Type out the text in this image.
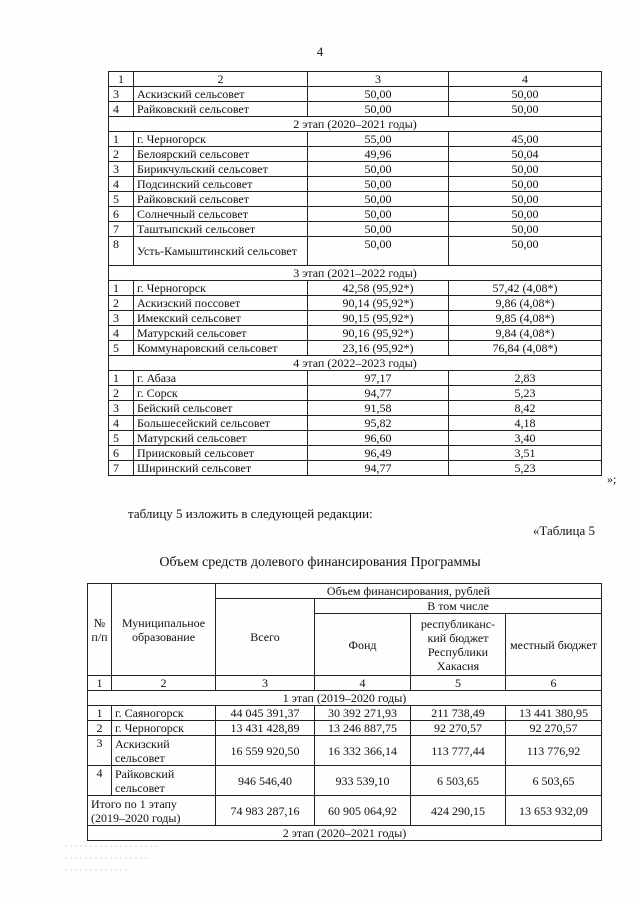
4
1	2	3	4
3	Аскизский сельсовет	50,00	50,00
4	Райковский сельсовет	50,00	50,00
2 этап (2020–2021 годы)			
1	г. Черногорск	55,00	45,00
2	Белоярский сельсовет	49,96	50,04
3	Бирикчульский сельсовет	50,00	50,00
4	Подсинский сельсовет	50,00	50,00
5	Райковский сельсовет	50,00	50,00
6	Солнечный сельсовет	50,00	50,00
7	Таштыпский сельсовет	50,00	50,00
8	Усть-Камыштинский сельсовет	50,00	50,00
3 этап (2021–2022 годы)			
1	г. Черногорск	42,58 (95,92*)	57,42 (4,08*)
2	Аскизский поссовет	90,14 (95,92*)	9,86 (4,08*)
3	Имекский сельсовет	90,15 (95,92*)	9,85 (4,08*)
4	Матурский сельсовет	90,16 (95,92*)	9,84 (4,08*)
5	Коммунаровский сельсовет	23,16 (95,92*)	76,84 (4,08*)
4 этап (2022–2023 годы)			
1	г. Абаза	97,17	2,83
2	г. Сорск	94,77	5,23
3	Бейский сельсовет	91,58	8,42
4	Большесейский сельсовет	95,82	4,18
5	Матурский сельсовет	96,60	3,40
6	Приисковый сельсовет	96,49	3,51
7	Ширинский сельсовет	94,77	5,23
»;
таблицу 5 изложить в следующей редакции:
«Таблица 5
Объем средств долевого финансирования Программы
№ п/п	Муниципальное образование	Объем финансирования, рублей			
		Всего	В том числе		
			Фонд	республиканс-кий бюджет Республики Хакасия	местный бюджет
1	2	3	4	5	6
1 этап (2019–2020 годы)					
1	г. Саяногорск	44 045 391,37	30 392 271,93	211 738,49	13 441 380,95
2	г. Черногорск	13 431 428,89	13 246 887,75	92 270,57	92 270,57
3	Аскизский сельсовет	16 559 920,50	16 332 366,14	113 777,44	113 776,92
4	Райковский сельсовет	946 546,40	933 539,10	6 503,65	6 503,65
Итого по 1 этапу (2019–2020 годы)		74 983 287,16	60 905 064,92	424 290,15	13 653 932,09
2 этап (2020–2021 годы)					
